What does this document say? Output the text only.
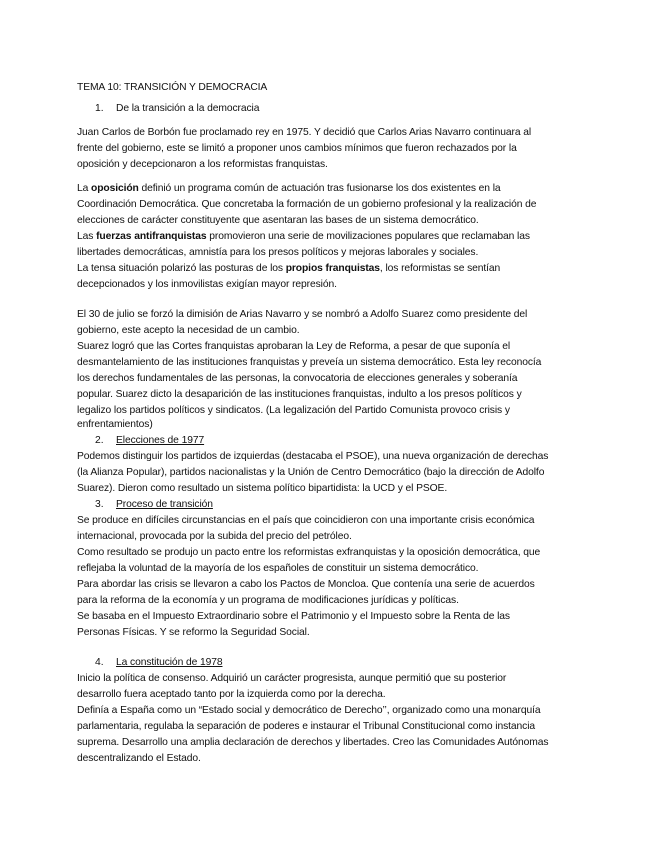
TEMA 10: TRANSICIÓN Y DEMOCRACIA
1. De la transición a la democracia
Juan Carlos de Borbón fue proclamado rey en 1975. Y decidió que Carlos Arias Navarro continuara al
frente del gobierno, este se limitó a proponer unos cambios mínimos que fueron rechazados por la
oposición y decepcionaron a los reformistas franquistas.
La oposición definió un programa común de actuación tras fusionarse los dos existentes en la
Coordinación Democrática. Que concretaba la formación de un gobierno profesional y la realización de
elecciones de carácter constituyente que asentaran las bases de un sistema democrático.
Las fuerzas antifranquistas promovieron una serie de movilizaciones populares que reclamaban las
libertades democráticas, amnistía para los presos políticos y mejoras laborales y sociales.
La tensa situación polarizó las posturas de los propios franquistas, los reformistas se sentían
decepcionados y los inmovilistas exigían mayor represión.
El 30 de julio se forzó la dimisión de Arias Navarro y se nombró a Adolfo Suarez como presidente del
gobierno, este acepto la necesidad de un cambio.
Suarez logró que las Cortes franquistas aprobaran la Ley de Reforma, a pesar de que suponía el
desmantelamiento de las instituciones franquistas y preveía un sistema democrático. Esta ley reconocía
los derechos fundamentales de las personas, la convocatoria de elecciones generales y soberanía
popular. Suarez dicto la desaparición de las instituciones franquistas, indulto a los presos políticos y
legalizo los partidos políticos y sindicatos. (La legalización del Partido Comunista provoco crisis y
enfrentamientos)
2. Elecciones de 1977
Podemos distinguir los partidos de izquierdas (destacaba el PSOE), una nueva organización de derechas
(la Alianza Popular), partidos nacionalistas y la Unión de Centro Democrático (bajo la dirección de Adolfo
Suarez). Dieron como resultado un sistema político bipartidista: la UCD y el PSOE.
3. Proceso de transición
Se produce en difíciles circunstancias en el país que coincidieron con una importante crisis económica
internacional, provocada por la subida del precio del petróleo.
Como resultado se produjo un pacto entre los reformistas exfranquistas y la oposición democrática, que
reflejaba la voluntad de la mayoría de los españoles de constituir un sistema democrático.
Para abordar las crisis se llevaron a cabo los Pactos de Moncloa. Que contenía una serie de acuerdos
para la reforma de la economía y un programa de modificaciones jurídicas y políticas.
Se basaba en el Impuesto Extraordinario sobre el Patrimonio y el Impuesto sobre la Renta de las
Personas Físicas. Y se reformo la Seguridad Social.
4. La constitución de 1978
Inicio la política de consenso. Adquirió un carácter progresista, aunque permitió que su posterior
desarrollo fuera aceptado tanto por la izquierda como por la derecha.
Definía a España como un “Estado social y democrático de Derecho’’, organizado como una monarquía
parlamentaria, regulaba la separación de poderes e instaurar el Tribunal Constitucional como instancia
suprema. Desarrollo una amplia declaración de derechos y libertades. Creo las Comunidades Autónomas
descentralizando el Estado.
